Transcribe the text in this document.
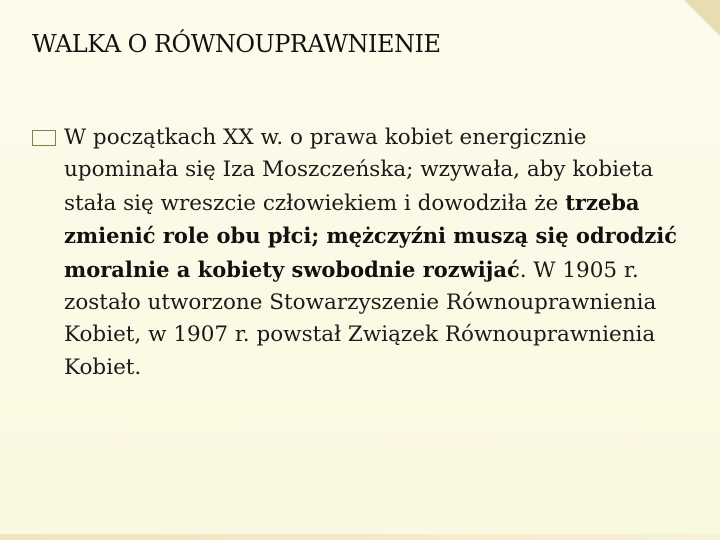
WALKA O RÓWNOUPRAWNIENIE
W początkach XX w. o prawa kobiet energicznie upominała się Iza Moszczeńska; wzywała, aby kobieta stała się wreszcie człowiekiem i dowodziła że trzeba zmienić role obu płci; mężczyźni muszą się odrodzić moralnie a kobiety swobodnie rozwijać. W 1905 r. zostało utworzone Stowarzyszenie Równouprawnienia Kobiet, w 1907 r. powstał Związek Równouprawnienia Kobiet.
